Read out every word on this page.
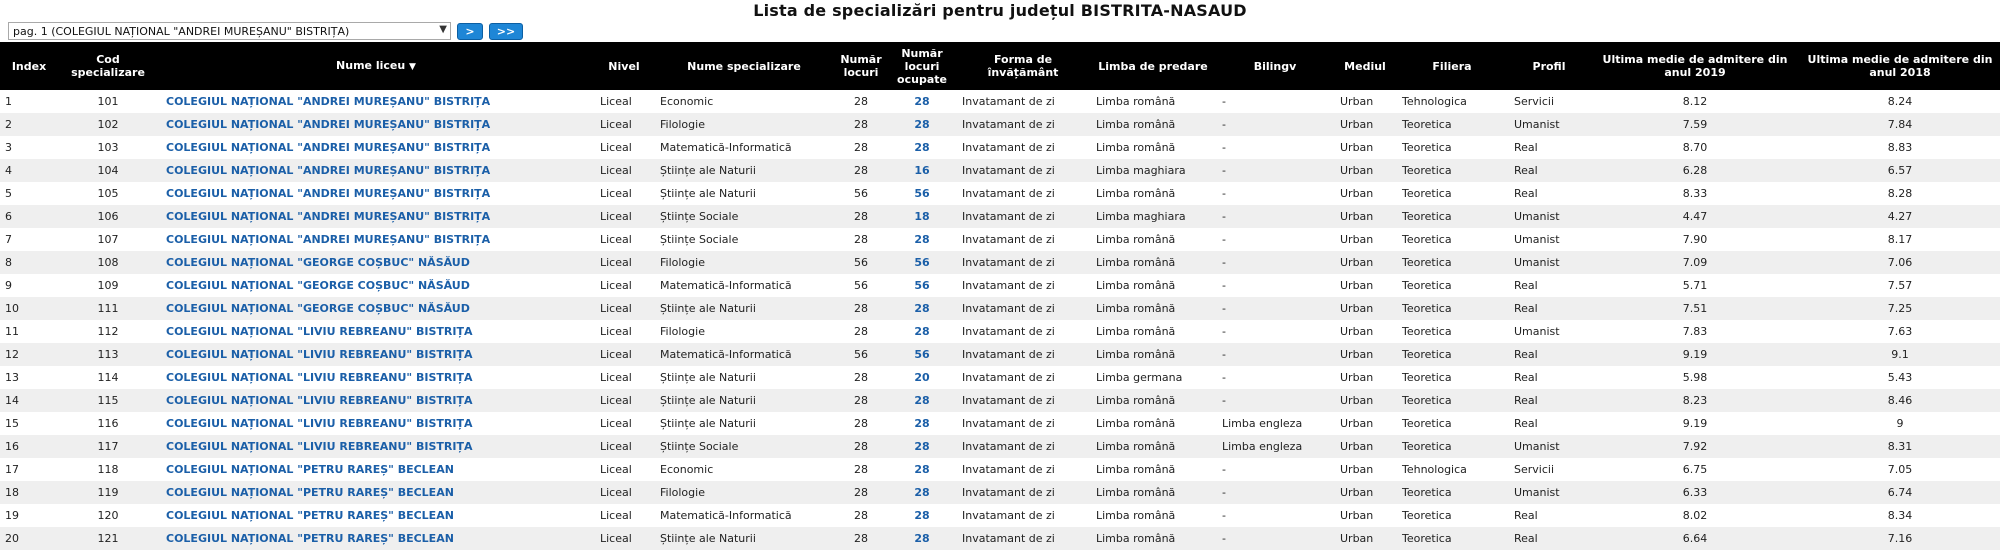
Lista de specializări pentru județul BISTRITA-NASAUD
pag. 1 (COLEGIUL NAȚIONAL "ANDREI MUREȘANU" BISTRIȚA)	▼	>	>>
Index	Cod specializare	Nume liceu ▼	Nivel	Nume specializare	Număr locuri	Număr locuri ocupate	Forma de învățământ	Limba de predare	Bilingv	Mediul	Filiera	Profil	Ultima medie de admitere din anul 2019	Ultima medie de admitere din anul 2018
1	101	COLEGIUL NAȚIONAL "ANDREI MUREȘANU" BISTRIȚA	Liceal	Economic	28	28	Invatamant de zi	Limba română	-	Urban	Tehnologica	Servicii	8.12	8.24
2	102	COLEGIUL NAȚIONAL "ANDREI MUREȘANU" BISTRIȚA	Liceal	Filologie	28	28	Invatamant de zi	Limba română	-	Urban	Teoretica	Umanist	7.59	7.84
3	103	COLEGIUL NAȚIONAL "ANDREI MUREȘANU" BISTRIȚA	Liceal	Matematică-Informatică	28	28	Invatamant de zi	Limba română	-	Urban	Teoretica	Real	8.70	8.83
4	104	COLEGIUL NAȚIONAL "ANDREI MUREȘANU" BISTRIȚA	Liceal	Științe ale Naturii	28	16	Invatamant de zi	Limba maghiara	-	Urban	Teoretica	Real	6.28	6.57
5	105	COLEGIUL NAȚIONAL "ANDREI MUREȘANU" BISTRIȚA	Liceal	Științe ale Naturii	56	56	Invatamant de zi	Limba română	-	Urban	Teoretica	Real	8.33	8.28
6	106	COLEGIUL NAȚIONAL "ANDREI MUREȘANU" BISTRIȚA	Liceal	Științe Sociale	28	18	Invatamant de zi	Limba maghiara	-	Urban	Teoretica	Umanist	4.47	4.27
7	107	COLEGIUL NAȚIONAL "ANDREI MUREȘANU" BISTRIȚA	Liceal	Științe Sociale	28	28	Invatamant de zi	Limba română	-	Urban	Teoretica	Umanist	7.90	8.17
8	108	COLEGIUL NAȚIONAL "GEORGE COȘBUC" NĂSĂUD	Liceal	Filologie	56	56	Invatamant de zi	Limba română	-	Urban	Teoretica	Umanist	7.09	7.06
9	109	COLEGIUL NAȚIONAL "GEORGE COȘBUC" NĂSĂUD	Liceal	Matematică-Informatică	56	56	Invatamant de zi	Limba română	-	Urban	Teoretica	Real	5.71	7.57
10	111	COLEGIUL NAȚIONAL "GEORGE COȘBUC" NĂSĂUD	Liceal	Științe ale Naturii	28	28	Invatamant de zi	Limba română	-	Urban	Teoretica	Real	7.51	7.25
11	112	COLEGIUL NAȚIONAL "LIVIU REBREANU" BISTRIȚA	Liceal	Filologie	28	28	Invatamant de zi	Limba română	-	Urban	Teoretica	Umanist	7.83	7.63
12	113	COLEGIUL NAȚIONAL "LIVIU REBREANU" BISTRIȚA	Liceal	Matematică-Informatică	56	56	Invatamant de zi	Limba română	-	Urban	Teoretica	Real	9.19	9.1
13	114	COLEGIUL NAȚIONAL "LIVIU REBREANU" BISTRIȚA	Liceal	Științe ale Naturii	28	20	Invatamant de zi	Limba germana	-	Urban	Teoretica	Real	5.98	5.43
14	115	COLEGIUL NAȚIONAL "LIVIU REBREANU" BISTRIȚA	Liceal	Științe ale Naturii	28	28	Invatamant de zi	Limba română	-	Urban	Teoretica	Real	8.23	8.46
15	116	COLEGIUL NAȚIONAL "LIVIU REBREANU" BISTRIȚA	Liceal	Științe ale Naturii	28	28	Invatamant de zi	Limba română	Limba engleza	Urban	Teoretica	Real	9.19	9
16	117	COLEGIUL NAȚIONAL "LIVIU REBREANU" BISTRIȚA	Liceal	Științe Sociale	28	28	Invatamant de zi	Limba română	Limba engleza	Urban	Teoretica	Umanist	7.92	8.31
17	118	COLEGIUL NAȚIONAL "PETRU RAREȘ" BECLEAN	Liceal	Economic	28	28	Invatamant de zi	Limba română	-	Urban	Tehnologica	Servicii	6.75	7.05
18	119	COLEGIUL NAȚIONAL "PETRU RAREȘ" BECLEAN	Liceal	Filologie	28	28	Invatamant de zi	Limba română	-	Urban	Teoretica	Umanist	6.33	6.74
19	120	COLEGIUL NAȚIONAL "PETRU RAREȘ" BECLEAN	Liceal	Matematică-Informatică	28	28	Invatamant de zi	Limba română	-	Urban	Teoretica	Real	8.02	8.34
20	121	COLEGIUL NAȚIONAL "PETRU RAREȘ" BECLEAN	Liceal	Științe ale Naturii	28	28	Invatamant de zi	Limba română	-	Urban	Teoretica	Real	6.64	7.16
